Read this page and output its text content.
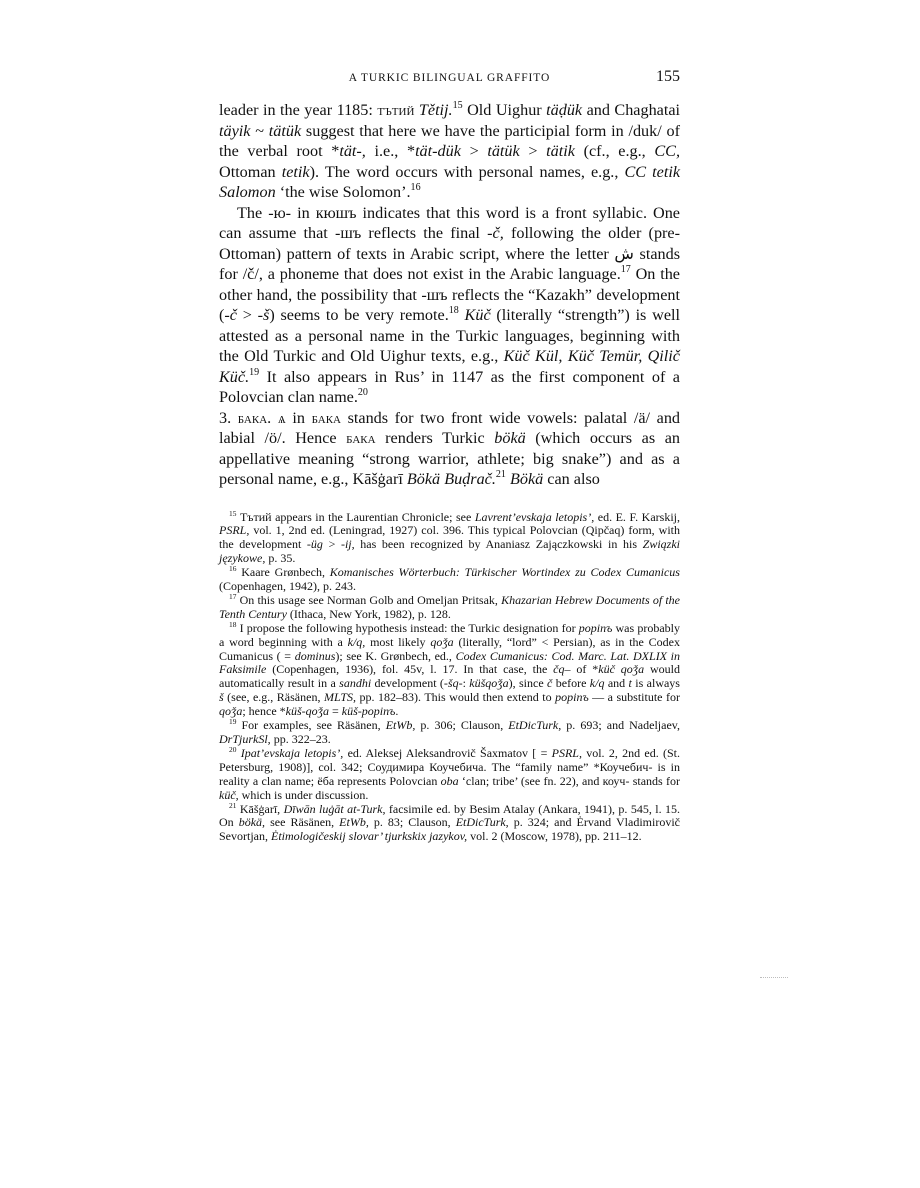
A TURKIC BILINGUAL GRAFFITO	155

leader in the year 1185: тътий Tětij.$^{15}$ Old Uighur täḍük and Chaghatai täyik ~ tätük suggest that here we have the participial form in /duk/ of the verbal root *tät-, i.e., *tät-dük > tätük > tätik (cf., e.g., CC, Ottoman tetik). The word occurs with personal names, e.g., CC tetik Salomon ‘the wise Solomon’.$^{16}$

The -ю- in кюшъ indicates that this word is a front syllabic. One can assume that -шъ reflects the final -č, following the older (pre-Ottoman) pattern of texts in Arabic script, where the letter ش stands for /č/, a phoneme that does not exist in the Arabic language.$^{17}$ On the other hand, the possibility that -шъ reflects the “Kazakh” development (-č > -š) seems to be very remote.$^{18}$ Küč (literally “strength”) is well attested as a personal name in the Turkic languages, beginning with the Old Turkic and Old Uighur texts, e.g., Küč Kül, Küč Temür, Qilič Küč.$^{19}$ It also appears in Rus’ in 1147 as the first component of a Polovcian clan name.$^{20}$

3. бака. ѧ in бака stands for two front wide vowels: palatal /ä/ and labial /ö/. Hence бака renders Turkic bökä (which occurs as an appellative meaning “strong warrior, athlete; big snake”) and as a personal name, e.g., Kāšġarī Bökä Buḍrač.$^{21}$ Bökä can also

$^{15}$ Тътий appears in the Laurentian Chronicle; see Lavrent’evskaja letopis’, ed. E. F. Karskij, PSRL, vol. 1, 2nd ed. (Leningrad, 1927) col. 396. This typical Polovcian (Qipčaq) form, with the development -üg > -ij, has been recognized by Ananiasz Zajączkowski in his Związki językowe, p. 35.

$^{16}$ Kaare Grønbech, Komanisches Wörterbuch: Türkischer Wortindex zu Codex Cumanicus (Copenhagen, 1942), p. 243.

$^{17}$ On this usage see Norman Golb and Omeljan Pritsak, Khazarian Hebrew Documents of the Tenth Century (Ithaca, New York, 1982), p. 128.

$^{18}$ I propose the following hypothesis instead: the Turkic designation for popinъ was probably a word beginning with a k/q, most likely qoǯa (literally, “lord” < Persian), as in the Codex Cumanicus ( = dominus); see K. Grønbech, ed., Codex Cumanicus: Cod. Marc. Lat. DXLIX in Faksimile (Copenhagen, 1936), fol. 45v, l. 17. In that case, the čq– of *küč qoǯa would automatically result in a sandhi development (-šq-: küšqoǯa), since č before k/q and t is always š (see, e.g., Räsänen, MLTS, pp. 182–83). This would then extend to popinъ — a substitute for qoǯa; hence *küš-qoǯa = küš-popinъ.

$^{19}$ For examples, see Räsänen, EtWb, p. 306; Clauson, EtDicTurk, p. 693; and Nadeljaev, DrTjurkSl, pp. 322–23.

$^{20}$ Ipat’evskaja letopis’, ed. Aleksej Aleksandrovič Šaxmatov [ = PSRL, vol. 2, 2nd ed. (St. Petersburg, 1908)], col. 342; Соудимира Коучебича. The “family name” *Коучебич- is in reality a clan name; ёба represents Polovcian oba ‘clan; tribe’ (see fn. 22), and коуч- stands for küč, which is under discussion.

$^{21}$ Kāšġarī, Dīwān luġāt at-Turk, facsimile ed. by Besim Atalay (Ankara, 1941), p. 545, l. 15. On bökä, see Räsänen, EtWb, p. 83; Clauson, EtDicTurk, p. 324; and Ėrvand Vladimirovič Sevortjan, Ėtimologičeskij slovar’ tjurkskix jazykov, vol. 2 (Moscow, 1978), pp. 211–12.
